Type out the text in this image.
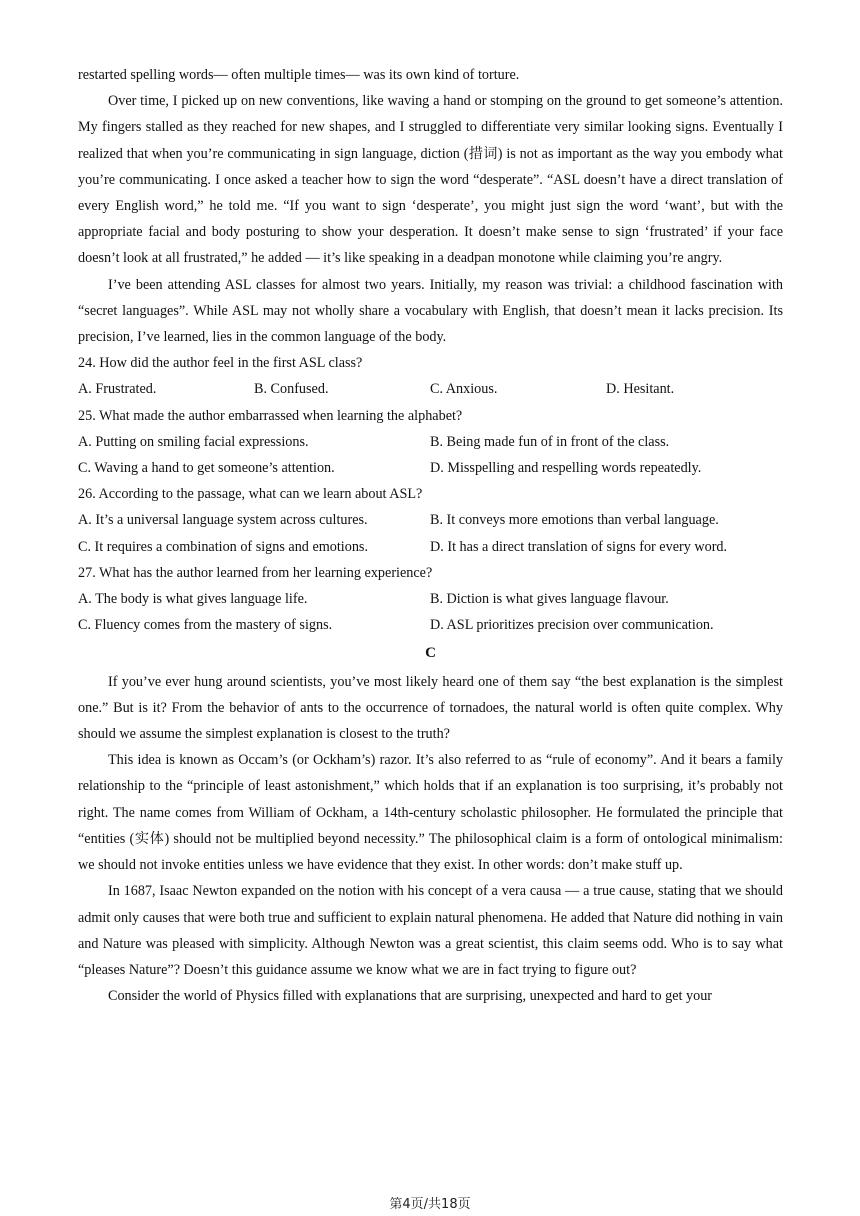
restarted spelling words— often multiple times— was its own kind of torture.

Over time, I picked up on new conventions, like waving a hand or stomping on the ground to get someone’s attention. My fingers stalled as they reached for new shapes, and I struggled to differentiate very similar looking signs. Eventually I realized that when you’re communicating in sign language, diction (措词) is not as important as the way you embody what you’re communicating. I once asked a teacher how to sign the word “desperate”. “ASL doesn’t have a direct translation of every English word,” he told me. “If you want to sign ‘desperate’, you might just sign the word ‘want’, but with the appropriate facial and body posturing to show your desperation. It doesn’t make sense to sign ‘frustrated’ if your face doesn’t look at all frustrated,” he added — it’s like speaking in a deadpan monotone while claiming you’re angry.

I’ve been attending ASL classes for almost two years. Initially, my reason was trivial: a childhood fascination with “secret languages”. While ASL may not wholly share a vocabulary with English, that doesn’t mean it lacks precision. Its precision, I’ve learned, lies in the common language of the body.

24. How did the author feel in the first ASL class?

A. Frustrated.	B. Confused.	C. Anxious.	D. Hesitant.

25. What made the author embarrassed when learning the alphabet?

A. Putting on smiling facial expressions.	B. Being made fun of in front of the class.
C. Waving a hand to get someone’s attention.	D. Misspelling and respelling words repeatedly.

26. According to the passage, what can we learn about ASL?

A. It’s a universal language system across cultures.	B. It conveys more emotions than verbal language.
C. It requires a combination of signs and emotions.	D. It has a direct translation of signs for every word.

27. What has the author learned from her learning experience?

A. The body is what gives language life.	B. Diction is what gives language flavour.
C. Fluency comes from the mastery of signs.	D. ASL prioritizes precision over communication.

C

If you’ve ever hung around scientists, you’ve most likely heard one of them say “the best explanation is the simplest one.” But is it? From the behavior of ants to the occurrence of tornadoes, the natural world is often quite complex. Why should we assume the simplest explanation is closest to the truth?

This idea is known as Occam’s (or Ockham’s) razor. It’s also referred to as “rule of economy”. And it bears a family relationship to the “principle of least astonishment,” which holds that if an explanation is too surprising, it’s probably not right. The name comes from William of Ockham, a 14th-century scholastic philosopher. He formulated the principle that “entities (实体) should not be multiplied beyond necessity.” The philosophical claim is a form of ontological minimalism: we should not invoke entities unless we have evidence that they exist. In other words: don’t make stuff up.

In 1687, Isaac Newton expanded on the notion with his concept of a vera causa — a true cause, stating that we should admit only causes that were both true and sufficient to explain natural phenomena. He added that Nature did nothing in vain and Nature was pleased with simplicity. Although Newton was a great scientist, this claim seems odd. Who is to say what “pleases Nature”? Doesn’t this guidance assume we know what we are in fact trying to figure out?

Consider the world of Physics filled with explanations that are surprising, unexpected and hard to get your

第4页/共18页
